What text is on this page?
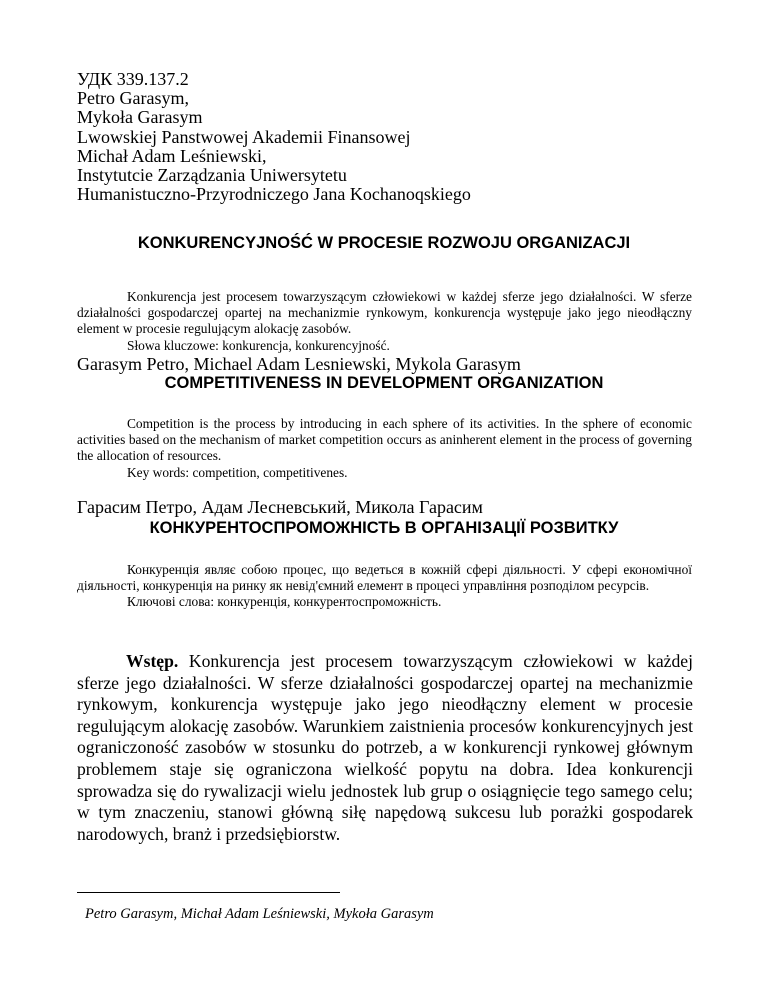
УДК 339.137.2
Petro Garasym,
Mykoła Garasym
Lwowskiej Panstwowej Akademii Finansowej
Michał Adam Leśniewski,
Instytutcie Zarządzania Uniwersytetu
Humanistuczno-Przyrodniczego Jana Kochanoqskiego
KONKURENCYJNOŚĆ W PROCESIE ROZWOJU ORGANIZACJI

Konkurencja jest procesem towarzyszącym człowiekowi w każdej sferze jego działalności. W sferze działalności gospodarczej opartej na mechanizmie rynkowym, konkurencja występuje jako jego nieodłączny element w procesie regulującym alokację zasobów.

Słowa kluczowe: konkurencja, konkurencyjność.

Garasym Petro, Michael Adam Lesniewski, Mykola Garasym
COMPETITIVENESS IN DEVELOPMENT ORGANIZATION

Competition is the process by introducing in each sphere of its activities. In the sphere of economic activities based on the mechanism of market competition occurs as aninherent element in the process of governing the allocation of resources.

Key words: competition, competitivenes.

Гарасим Петро, Адам Лесневський, Микола Гарасим
КОНКУРЕНТОСПРОМОЖНІСТЬ В ОРГАНІЗАЦІЇ РОЗВИТКУ

Конкуренція являє собою процес, що ведеться в кожній сфері діяльності. У сфері економічної діяльності, конкуренція на ринку як невід'ємний елемент в процесі управління розподілом ресурсів.

Ключові слова: конкуренція, конкурентоспроможність.

Wstęp. Konkurencja jest procesem towarzyszącym człowiekowi w każdej sferze jego działalności. W sferze działalności gospodarczej opartej na mechanizmie rynkowym, konkurencja występuje jako jego nieodłączny element w procesie regulującym alokację zasobów. Warunkiem zaistnienia procesów konkurencyjnych jest ograniczoność zasobów w stosunku do potrzeb, a w konkurencji rynkowej głównym problemem staje się ograniczona wielkość popytu na dobra. Idea konkurencji sprowadza się do rywalizacji wielu jednostek lub grup o osiągnięcie tego samego celu; w tym znaczeniu, stanowi główną siłę napędową sukcesu lub porażki gospodarek narodowych, branż i przedsiębiorstw.

Petro Garasym, Michał Adam Leśniewski, Mykoła Garasym
